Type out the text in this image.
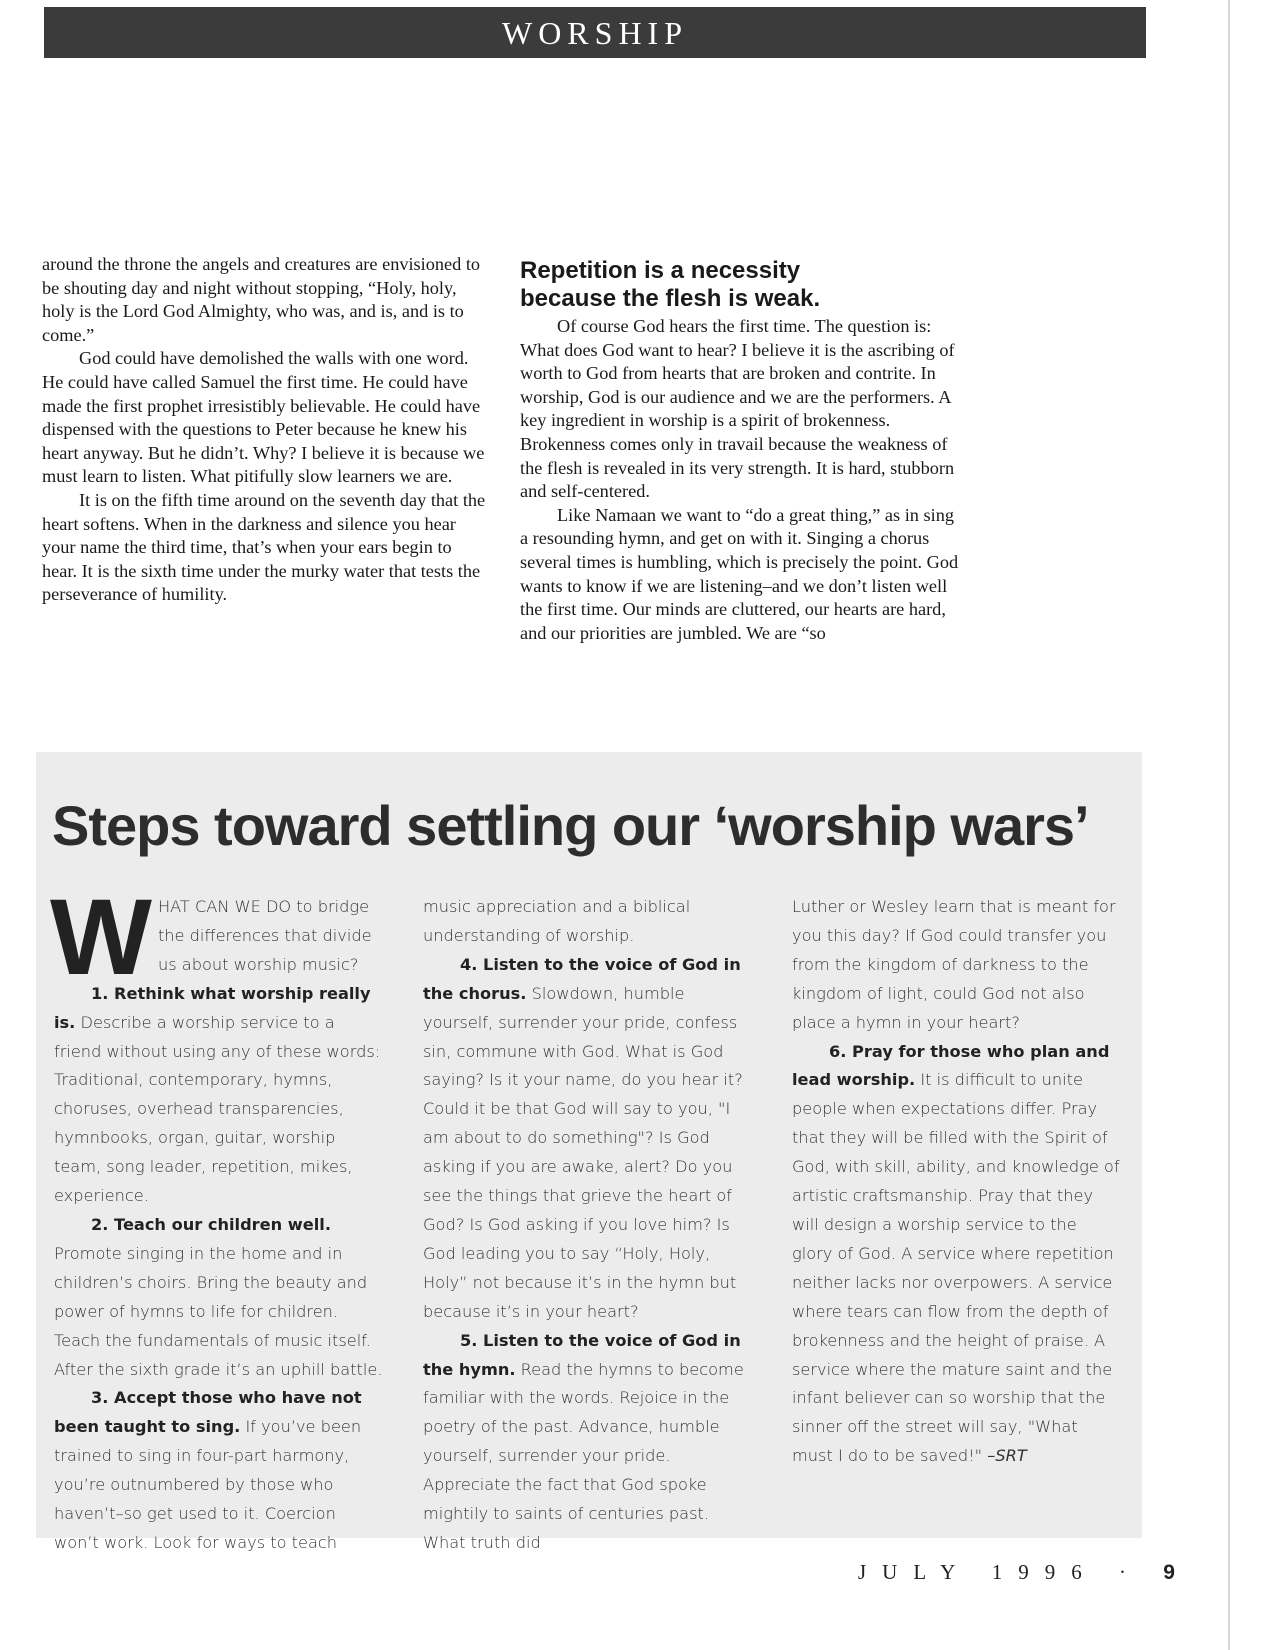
WORSHIP

around the throne the angels and creatures are envisioned to be shouting day and night without stopping, “Holy, holy, holy is the Lord God Almighty, who was, and is, and is to come.”

God could have demolished the walls with one word. He could have called Samuel the first time. He could have made the first prophet irresistibly believable. He could have dispensed with the questions to Peter because he knew his heart anyway. But he didn’t. Why? I believe it is because we must learn to listen. What pitifully slow learners we are.

It is on the fifth time around on the seventh day that the heart softens. When in the darkness and silence you hear your name the third time, that’s when your ears begin to hear. It is the sixth time under the murky water that tests the perseverance of humility.

Repetition is a necessity
because the flesh is weak.

Of course God hears the first time. The question is: What does God want to hear? I believe it is the ascribing of worth to God from hearts that are broken and contrite. In worship, God is our audience and we are the performers. A key ingredient in worship is a spirit of brokenness. Brokenness comes only in travail because the weakness of the flesh is revealed in its very strength. It is hard, stubborn and self-centered.

Like Namaan we want to “do a great thing,” as in sing a resounding hymn, and get on with it. Singing a chorus several times is humbling, which is precisely the point. God wants to know if we are listening–and we don’t listen well the first time. Our minds are cluttered, our hearts are hard, and our priorities are jumbled. We are “so

Steps toward settling our ‘worship wars’

WHAT CAN WE DO to bridge the differences that divide us about worship music?

1. Rethink what worship really is. Describe a worship service to a friend without using any of these words: Traditional, contemporary, hymns, choruses, overhead transparencies, hymnbooks, organ, guitar, worship team, song leader, repetition, mikes, experience.

2. Teach our children well. Promote singing in the home and in children’s choirs. Bring the beauty and power of hymns to life for children. Teach the fundamentals of music itself. After the sixth grade it’s an uphill battle.

3. Accept those who have not been taught to sing. If you’ve been trained to sing in four-part harmony, you’re outnumbered by those who haven’t–so get used to it. Coercion won’t work. Look for ways to teach

music appreciation and a biblical understanding of worship.

4. Listen to the voice of God in the chorus. Slowdown, humble yourself, surrender your pride, confess sin, commune with God. What is God saying? Is it your name, do you hear it? Could it be that God will say to you, "I am about to do something"? Is God asking if you are awake, alert? Do you see the things that grieve the heart of God? Is God asking if you love him? Is God leading you to say “Holy, Holy, Holy” not because it’s in the hymn but because it’s in your heart?

5. Listen to the voice of God in the hymn. Read the hymns to become familiar with the words. Rejoice in the poetry of the past. Advance, humble yourself, surrender your pride. Appreciate the fact that God spoke mightily to saints of centuries past. What truth did

Luther or Wesley learn that is meant for you this day? If God could transfer you from the kingdom of darkness to the kingdom of light, could God not also place a hymn in your heart?

6. Pray for those who plan and lead worship. It is difficult to unite people when expectations differ. Pray that they will be filled with the Spirit of God, with skill, ability, and knowledge of artistic craftsmanship. Pray that they will design a worship service to the glory of God. A service where repetition neither lacks nor overpowers. A service where tears can flow from the depth of brokenness and the height of praise. A service where the mature saint and the infant believer can so worship that the sinner off the street will say, "What must I do to be saved!" –SRT

JULY 1996 · 9
